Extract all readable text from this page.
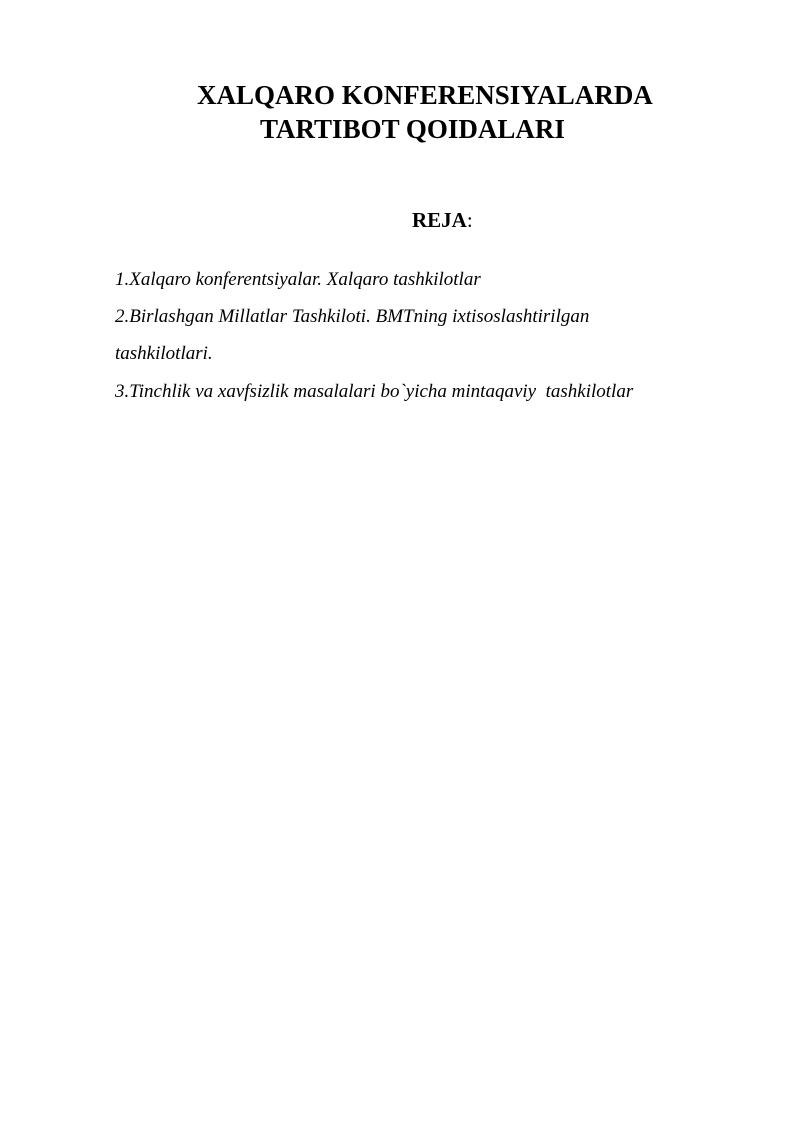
XALQARO KONFERENSIYALARDA
TARTIBOT QOIDALARI
REJA:
1.Xalqaro konferentsiyalar. Xalqaro tashkilotlar
2.Birlashgan Millatlar Tashkiloti. BMTning ixtisoslashtirilgan
tashkilotlari.
3.Tinchlik va xavfsizlik masalalari bo`yicha mintaqaviy  tashkilotlar
